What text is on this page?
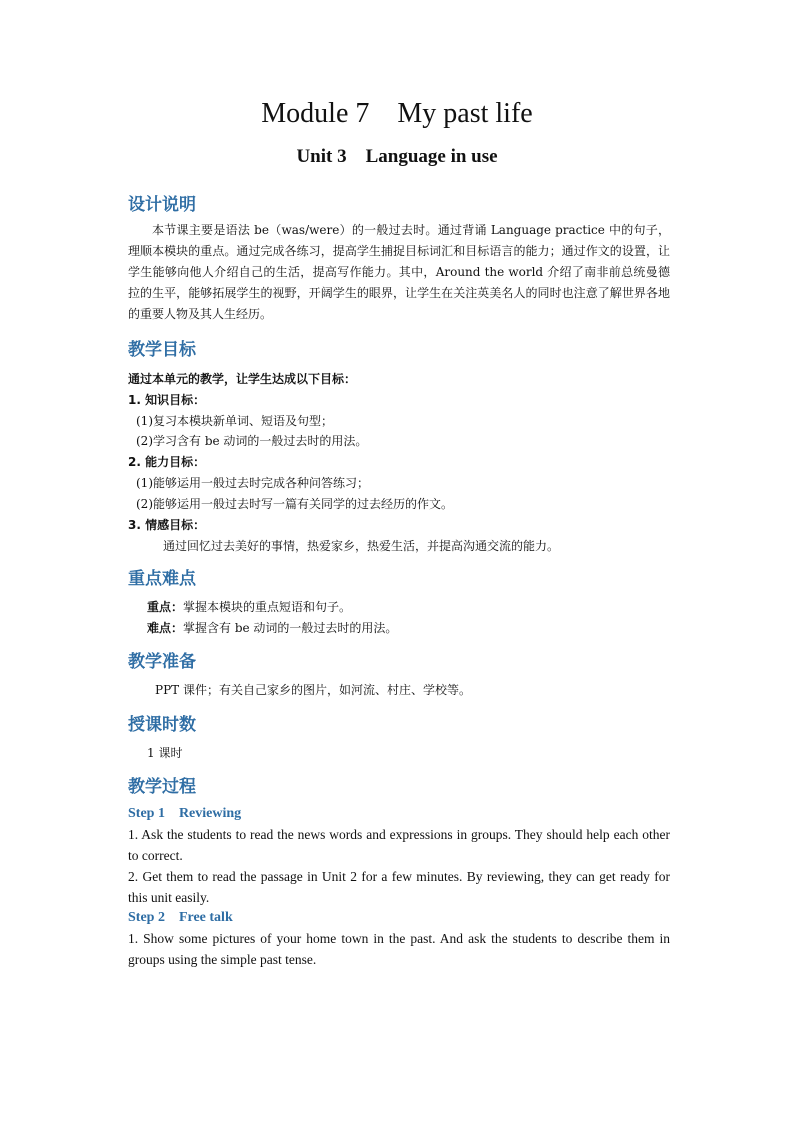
Module 7    My past life
Unit 3    Language in use
设计说明
本节课主要是语法 be（was/were）的一般过去时。通过背诵 Language practice 中的句子，理顺本模块的重点。通过完成各练习，提高学生捕捉目标词汇和目标语言的能力；通过作文的设置，让学生能够向他人介绍自己的生活，提高写作能力。其中，Around the world 介绍了南非前总统曼德拉的生平，能够拓展学生的视野，开阔学生的眼界，让学生在关注英美名人的同时也注意了解世界各地的重要人物及其人生经历。
教学目标
通过本单元的教学，让学生达成以下目标：
1. 知识目标：
(1)复习本模块新单词、短语及句型；
(2)学习含有 be 动词的一般过去时的用法。
2. 能力目标：
(1)能够运用一般过去时完成各种问答练习；
(2)能够运用一般过去时写一篇有关同学的过去经历的作文。
3. 情感目标：
通过回忆过去美好的事情，热爱家乡，热爱生活，并提高沟通交流的能力。
重点难点
重点：掌握本模块的重点短语和句子。
难点：掌握含有 be 动词的一般过去时的用法。
教学准备
PPT 课件；有关自己家乡的图片，如河流、村庄、学校等。
授课时数
1 课时
教学过程
Step 1    Reviewing
1. Ask the students to read the news words and expressions in groups. They should help each other to correct.
2. Get them to read the passage in Unit 2 for a few minutes. By reviewing, they can get ready for this unit easily.
Step 2    Free talk
1. Show some pictures of your home town in the past. And ask the students to describe them in groups using the simple past tense.
